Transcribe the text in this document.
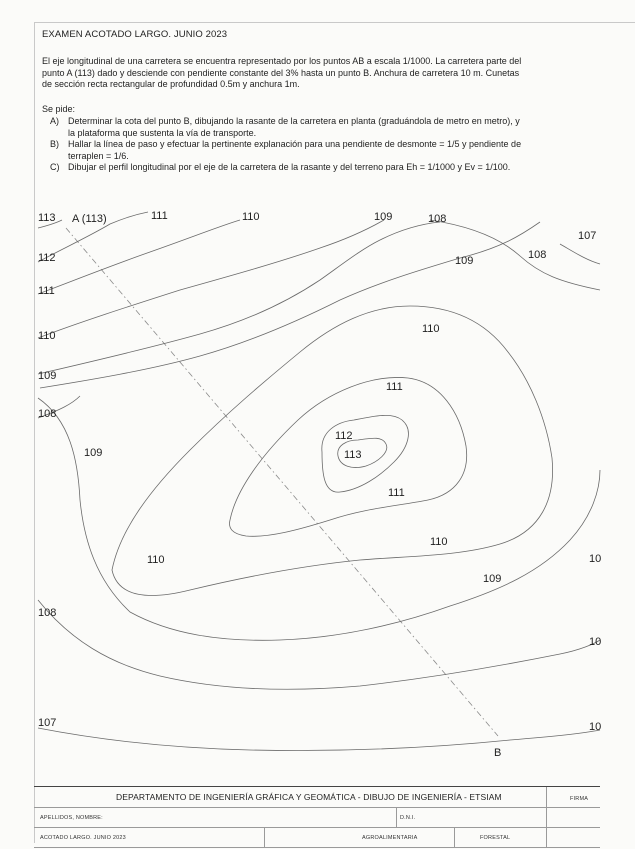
EXAMEN ACOTADO LARGO. JUNIO 2023

El eje longitudinal de una carretera se encuentra representado por los puntos AB a escala 1/1000. La carretera parte del

punto A (113) dado y desciende con pendiente constante del 3% hasta un punto B. Anchura de carretera 10 m. Cunetas

de sección recta rectangular de profundidad 0.5m y anchura 1m.

Se pide:
A) Determinar la cota del punto B, dibujando la rasante de la carretera en planta (graduándola de metro en metro), y
la plataforma que sustenta la vía de transporte.
B) Hallar la línea de paso y efectuar la pertinente explanación para una pendiente de desmonte = 1/5 y pendiente de
terraplen = 1/6.
C) Dibujar el perfil longitudinal por el eje de la carretera de la rasante y del terreno para Eh = 1/1000 y Ev = 1/100.
113	111	110	109	108
107
112	109	108
111
110
110
109
111
108
109
112
113
111
110
110
109
108
107
10
10
10
A (113)
B
DEPARTAMENTO DE INGENIERÍA GRÁFICA Y GEOMÁTICA - DIBUJO DE INGENIERÍA - ETSIAM	FIRMA
APELLIDOS, NOMBRE:	D.N.I.
ACOTADO LARGO. JUNIO 2023	AGROALIMENTARIA	FORESTAL
